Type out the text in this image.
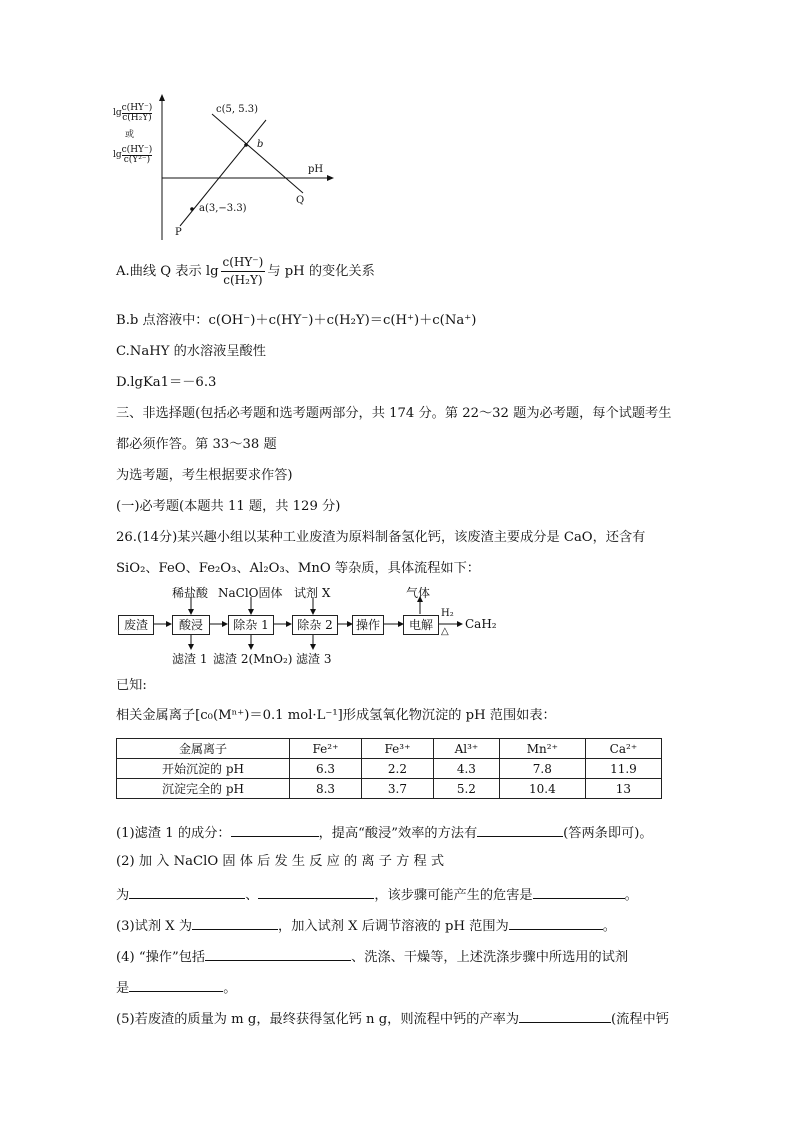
$\lg \frac{c(HY^-)}{\text{c(H₂Y)}}$
或
$\lg \frac{c(HY^-)}{\text{c(Y²⁻)}}$
pH
c(5, 5.3)
b
a(3,−3.3)
Q
P
A.曲线 Q 表示 $\lg \frac{c(HY^-)}{\text{c(H₂Y)}}$ 与 pH 的变化关系
B.b 点溶液中：c(OH⁻)＋c(HY⁻)＋c(H₂Y)＝c(H⁺)＋c(Na⁺)
C.NaHY 的水溶液呈酸性
D.lgKa1＝－6.3
三、非选择题(包括必考题和选考题两部分，共 174 分。第 22～32 题为必考题，每个试题考生
都必须作答。第 33～38 题
为选考题，考生根据要求作答)
(一)必考题(本题共 11 题，共 129 分)
26.(14分)某兴趣小组以某种工业废渣为原料制备氢化钙，该废渣主要成分是 CaO，还含有
SiO₂、FeO、Fe₂O₃、Al₂O₃、MnO 等杂质，具体流程如下：
废渣	酸浸	除杂 1	除杂 2	操作	电解
稀盐酸 NaClO固体 试剂 X	气体
H₂
△
CaH₂
滤渣 1 滤渣 2(MnO₂) 滤渣 3
已知:
相关金属离子[c₀(Mⁿ⁺)＝0.1 mol·L⁻¹]形成氢氧化物沉淀的 pH 范围如表：
金属离子	Fe²⁺	Fe³⁺	Al³⁺	Mn²⁺	Ca²⁺
开始沉淀的 pH	6.3	2.2	4.3	7.8	11.9
沉淀完全的 pH	8.3	3.7	5.2	10.4	13
(1)滤渣 1 的成分：	，提高“酸浸”效率的方法有	(答两条即可)。
(2) 加 入 NaClO 固 体 后 发 生 反 应 的 离 子 方 程 式
为	、	，该步骤可能产生的危害是	。
(3)试剂 X 为	，加入试剂 X 后调节溶液的 pH 范围为	。
(4) “操作”包括	、洗涤、干燥等，上述洗涤步骤中所选用的试剂
是	。
(5)若废渣的质量为 m g，最终获得氢化钙 n g，则流程中钙的产率为	(流程中钙
